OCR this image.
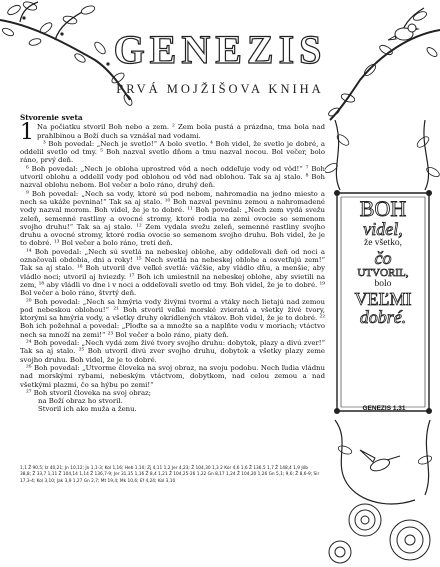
GENEZIS
PRVÁ MOJŽIŠOVA KNIHA
Stvorenie sveta

1 Na počiatku stvoril Boh nebo a zem. ² Zem bola pustá a prázdna, tma bola nad prahlbinou a Boží duch sa vznášal nad vodami.

³ Boh povedal: „Nech je svetlo!“ A bolo svetlo. ⁴ Boh videl, že svetlo je dobré, a oddelil svetlo od tmy. ⁵ Boh nazval svetlo dňom a tmu nazval nocou. Bol večer, bolo ráno, prvý deň.

⁶ Boh povedal: „Nech je obloha uprostred vôd a nech oddeľuje vody od vôd!“ ⁷ Boh utvoril oblohu a oddelil vody pod oblohou od vôd nad oblohou. Tak sa aj stalo. ⁸ Boh nazval oblohu nebom. Bol večer a bolo ráno, druhý deň.

⁹ Boh povedal: „Nech sa vody, ktoré sú pod nebom, nahromadia na jedno miesto a nech sa ukáže pevnina!“ Tak sa aj stalo. ¹⁰ Boh nazval pevninu zemou a nahromadené vody nazval morom. Boh videl, že je to dobré. ¹¹ Boh povedal: „Nech zem vydá svežu zeleň, semenné rastliny a ovocné stromy, ktoré rodia na zemi ovocie so semenom svojho druhu!“ Tak sa aj stalo. ¹² Zem vydala svežu zeleň, semenné rastliny svojho druhu a ovocné stromy, ktoré rodia ovocie so semenom svojho druhu. Boh videl, že je to dobré. ¹³ Bol večer a bolo ráno, tretí deň.

¹⁴ Boh povedal: „Nech sú svetlá na nebeskej oblohe, aby oddeľovali deň od noci a označovali obdobia, dni a roky! ¹⁵ Nech svetlá na nebeskej oblohe a osvetľujú zem!“ Tak sa aj stalo. ¹⁶ Boh utvoril dve veľké svetlá: väčšie, aby vládlo dňu, a menšie, aby vládlo noci; utvoril aj hviezdy. ¹⁷ Boh ich umiestnil na nebeskej oblohe, aby svietili na zem, ¹⁸ aby vládli vo dne i v noci a oddeľovali svetlo od tmy. Boh videl, že je to dobré. ¹⁹ Bol večer a bolo ráno, štvrtý deň.

²⁰ Boh povedal: „Nech sa hmýria vody živými tvormi a vtáky nech lietajú nad zemou pod nebeskou oblohou!“ ²¹ Boh stvoril veľké morské zvieratá a všetky živé tvory, ktorými sa hmýria vody, a všetky druhy okrídlených vtákov. Boh videl, že je to dobré. ²² Boh ich požehnal a povedal: „Ploďte sa a množte sa a naplňte vodu v moriach; vtáctvo nech sa množí na zemi!“ ²³ Bol večer a bolo ráno, piaty deň.

²⁴ Boh povedal: „Nech vydá zem živé tvory svojho druhu: dobytok, plazy a divú zver!“ Tak sa aj stalo. ²⁵ Boh utvoril divú zver svojho druhu, dobytok a všetky plazy zeme svojho druhu. Boh videl, že je to dobré.

²⁶ Boh povedal: „Utvorme človeka na svoj obraz, na svoju podobu. Nech ľudia vládnu nad morskými rybami, nebeským vtáctvom, dobytkom, nad celou zemou a nad všetkými plazmi, čo sa hýbu po zemi!“

²⁷ Boh stvoril človeka na svoj obraz;

na Boží obraz ho stvoril.

Stvoril ich ako muža a ženu.

1,1 Ž 90,5; Iz 40,21; Jn 10,12; Jn 1,1-3; Kol 1,16; Heb 1,10; Zj 4,11 1,2 Jer 4,23; Ž 104,30 1,3 2 Kor 4,6 1,6 Ž 136,5 1,7 Ž 148,4 1,9 Jób 38,8; Ž 33,7 1,11 Ž 104,14 1,14 Ž 136,7-9; Jer 31,35 1,16 Ž 8,4 1,21 Ž 104,25-26 1,22 Gn 8,17 1,24 Ž 104,20 1,26 Gn 5,1; 9,6; Ž 8,6-9; Sir 17,3-4; Kol 3,10; Jak 3,9 1,27 Gn 2,7; Mt 19,4; Mk 10,6; Ef 4,24; Kol 3,10
BOH
videl,
že všetko,
čo
UTVORIL,
bolo
VEĽMI
dobré.
GENEZIS 1,31
